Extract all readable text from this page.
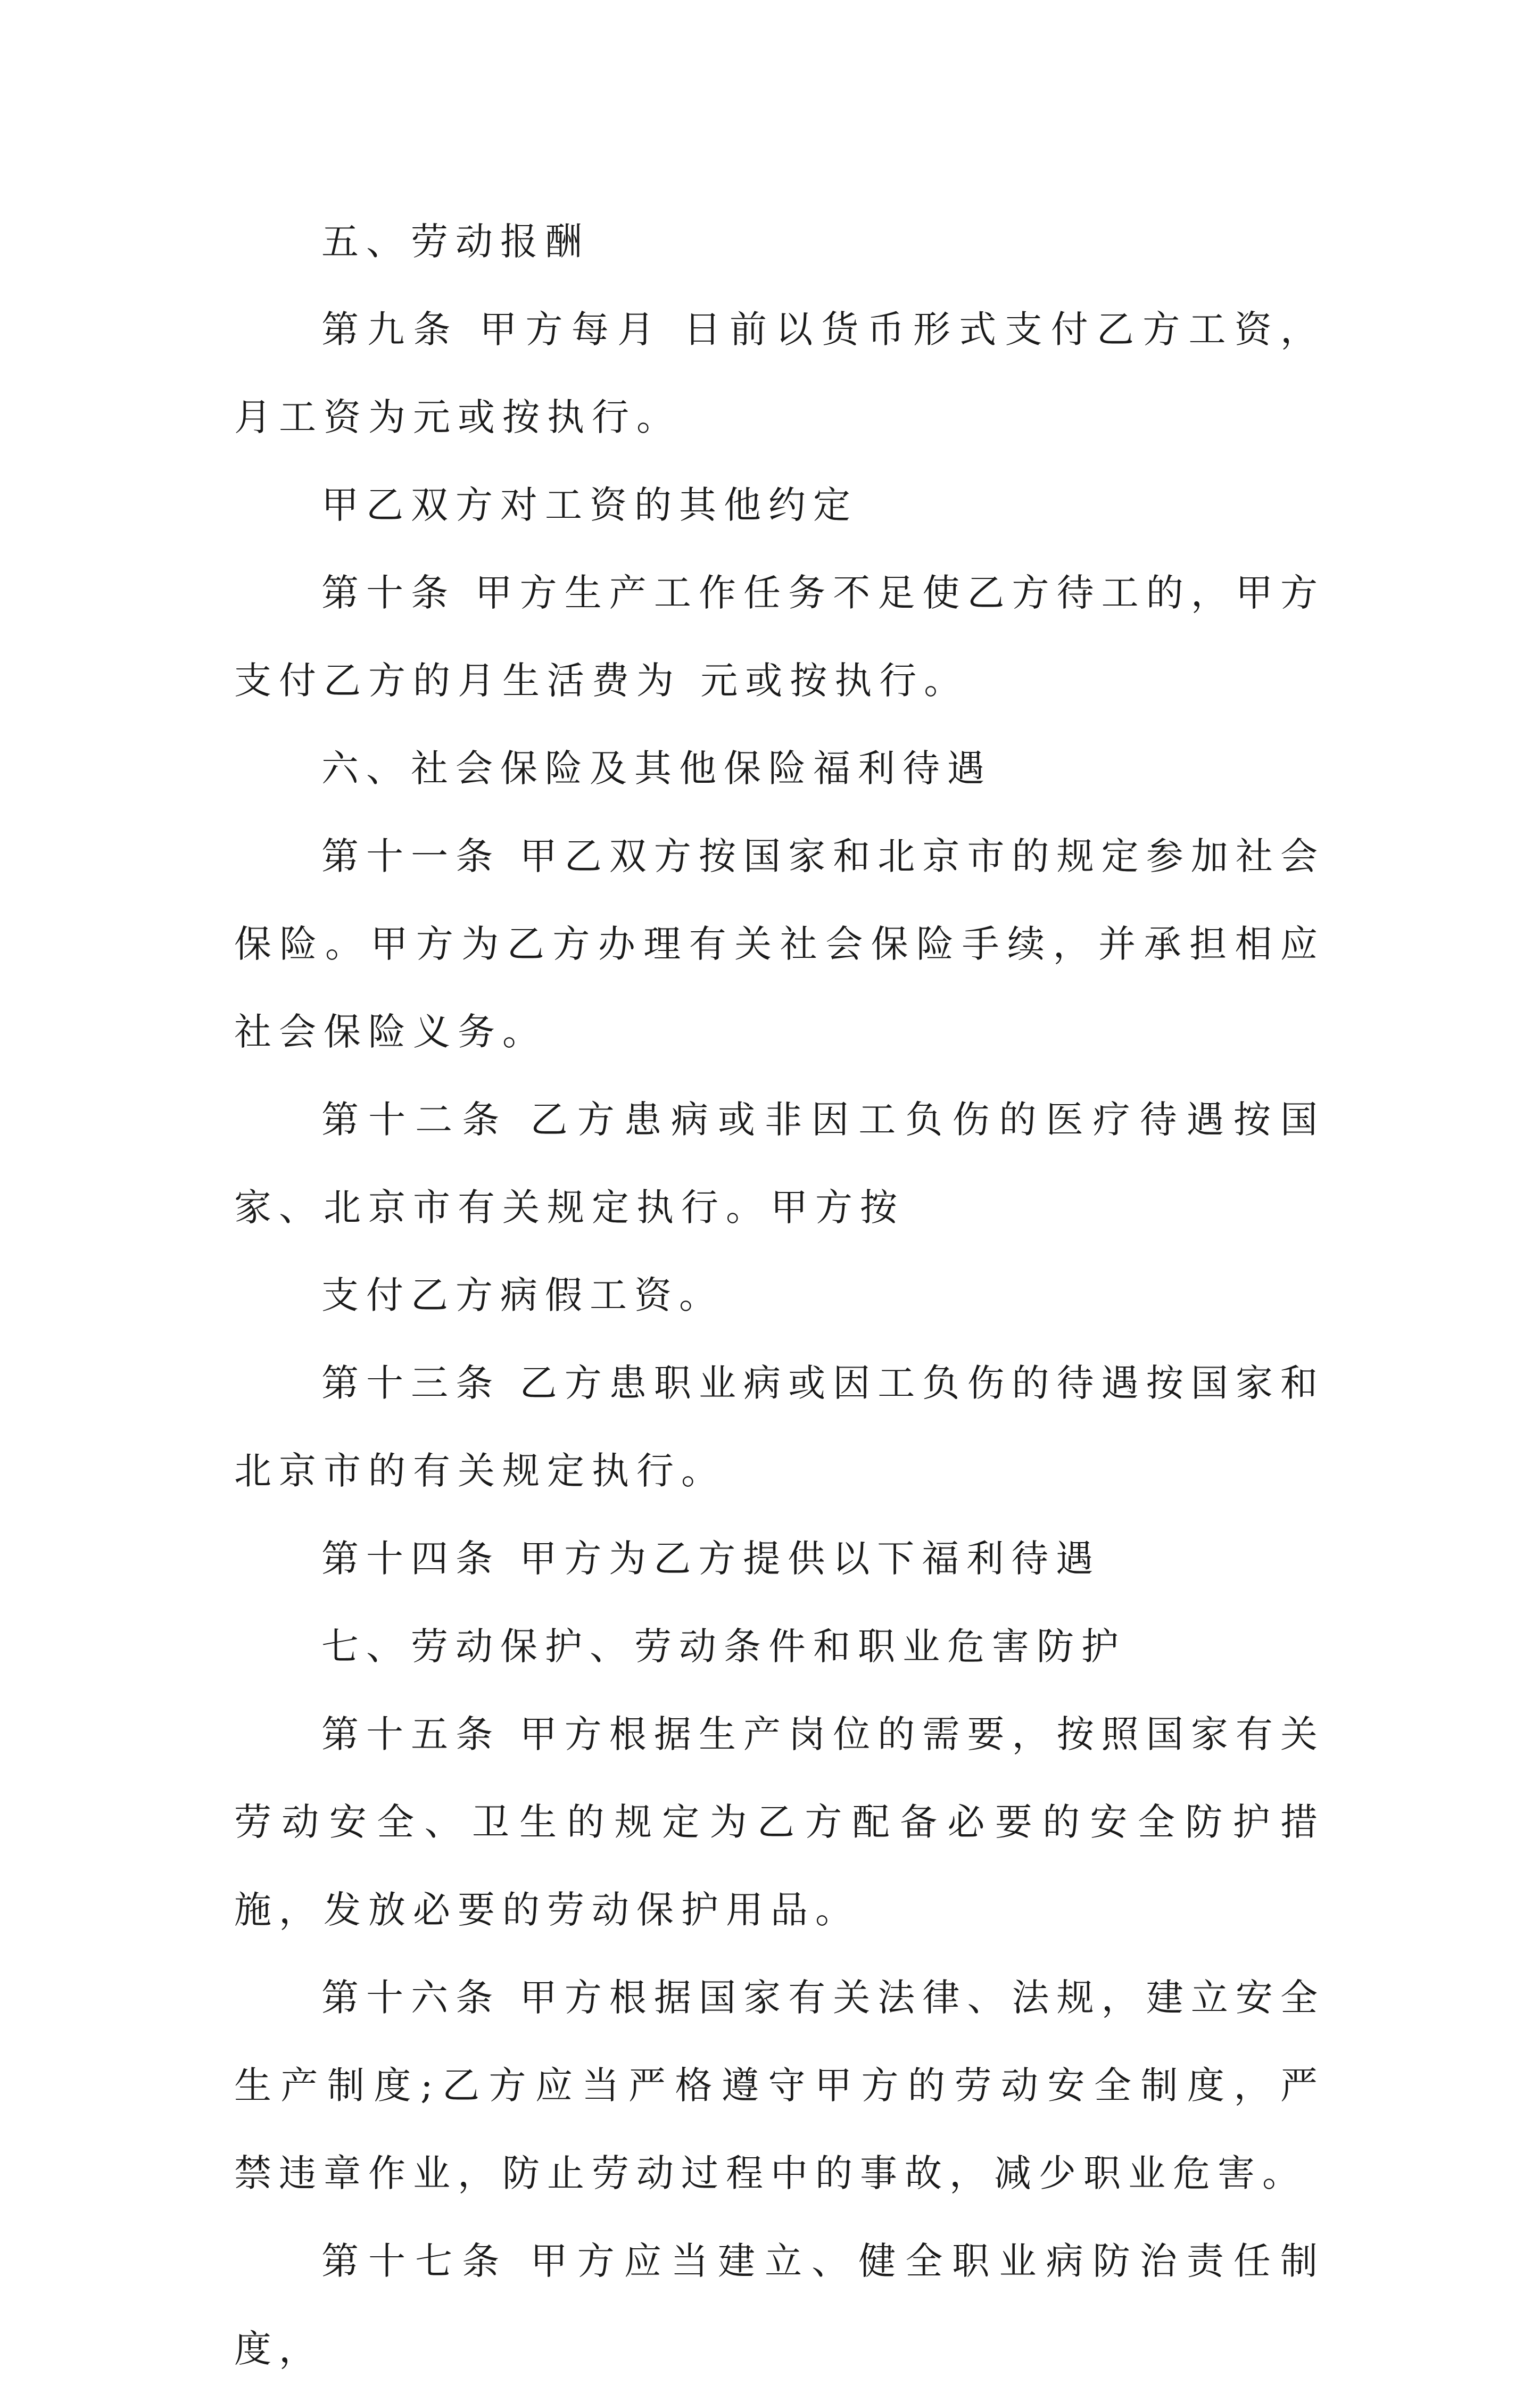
五、劳动报酬

第九条 甲方每月 日前以货币形式支付乙方工资，月工资为元或按执行。

甲乙双方对工资的其他约定

第十条 甲方生产工作任务不足使乙方待工的，甲方支付乙方的月生活费为 元或按执行。

六、社会保险及其他保险福利待遇

第十一条 甲乙双方按国家和北京市的规定参加社会保险。甲方为乙方办理有关社会保险手续，并承担相应社会保险义务。

第十二条 乙方患病或非因工负伤的医疗待遇按国家、北京市有关规定执行。甲方按

支付乙方病假工资。

第十三条 乙方患职业病或因工负伤的待遇按国家和北京市的有关规定执行。

第十四条 甲方为乙方提供以下福利待遇

七、劳动保护、劳动条件和职业危害防护

第十五条 甲方根据生产岗位的需要，按照国家有关劳动安全、卫生的规定为乙方配备必要的安全防护措施，发放必要的劳动保护用品。

第十六条 甲方根据国家有关法律、法规，建立安全生产制度;乙方应当严格遵守甲方的劳动安全制度，严禁违章作业，防止劳动过程中的事故，减少职业危害。

第十七条 甲方应当建立、健全职业病防治责任制度，
